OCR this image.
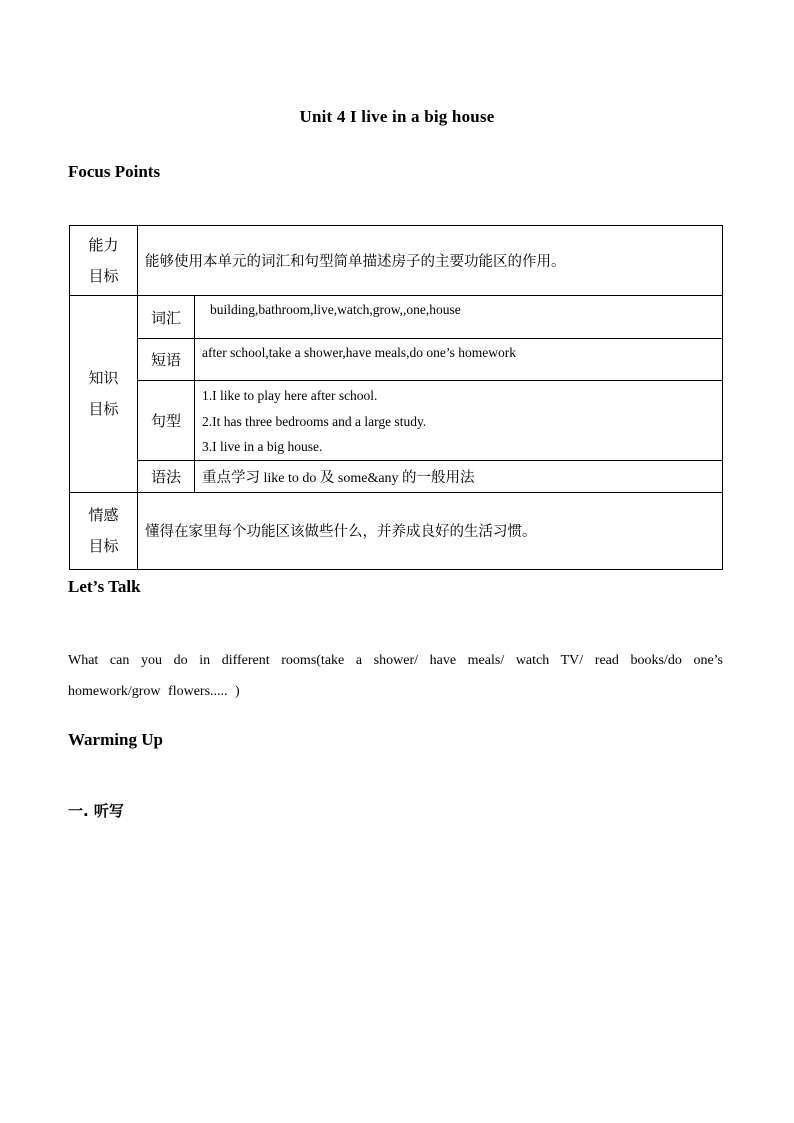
Unit 4 I live in a big house
Focus Points
能力
目标	能够使用本单元的词汇和句型简单描述房子的主要功能区的作用。	

知识
目标	词汇	building,bathroom,live,watch,grow,,one,house
	短语	after school,take a shower,have meals,do one’s homework
	句型	1.I like to play here after school.
2.It has three bedrooms and a large study.
3.I live in a big house.

	语法	重点学习 like to do 及 some&any 的一般用法

情感
目标	懂得在家里每个功能区该做些什么，并养成良好的生活习惯。	
Let’s Talk
What can you do in different rooms(take a shower/ have meals/ watch TV/ read books/do one’s homework/grow flowers..... )
Warming Up
一. 听写
